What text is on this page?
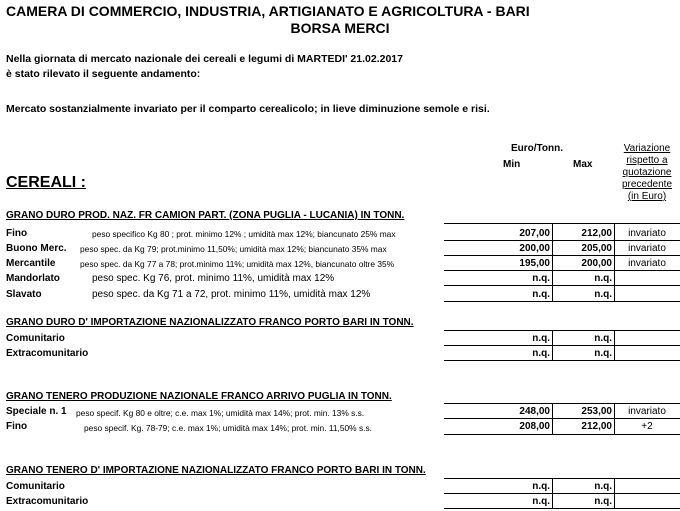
CAMERA DI COMMERCIO, INDUSTRIA, ARTIGIANATO E AGRICOLTURA - BARI
BORSA MERCI
Nella giornata di mercato nazionale dei cereali e legumi di MARTEDI' 21.02.2017
è stato rilevato il seguente andamento:
Mercato sostanzialmente invariato per il comparto cerealicolo; in lieve diminuzione semole e risi.
Euro/Tonn.
Min	Max
Variazione
rispetto a
quotazione
precedente
(in Euro)
CEREALI :
GRANO DURO PROD. NAZ. FR CAMION PART. (ZONA PUGLIA - LUCANIA) IN TONN.
Fino	peso specifico Kg 80 ; prot. minimo 12% ; umidità max 12%; biancunato 25% max	207,00	212,00	invariato
Buono Merc. peso spec. da Kg 79; prot.minimo 11,50%; umidità max 12%; biancunato 35% max	200,00	205,00	invariato
Mercantile	peso spec. da Kg 77 a 78; prot.minimo 11%; umidità max 12%, biancunato oltre 35%	195,00	200,00	invariato
Mandorlato	peso spec. Kg 76, prot. minimo 11%, umidità max 12%	n.q.	n.q.
Slavato	peso spec. da Kg 71 a 72, prot. minimo 11%, umidità max 12%	n.q.	n.q.
GRANO DURO D' IMPORTAZIONE NAZIONALIZZATO FRANCO PORTO BARI IN TONN.
Comunitario	n.q.	n.q.
Extracomunitario	n.q.	n.q.
GRANO TENERO PRODUZIONE NAZIONALE FRANCO ARRIVO PUGLIA IN TONN.
Speciale n. 1 peso specif. Kg 80 e oltre; c.e. max 1%; umidità max 14%; prot. min. 13% s.s.	248,00	253,00	invariato
Fino	peso specif. Kg. 78-79; c.e. max 1%; umidità max 14%; prot. min. 11,50% s.s.	208,00	212,00	+2
GRANO TENERO D' IMPORTAZIONE NAZIONALIZZATO FRANCO PORTO BARI IN TONN.
Comunitario	n.q.	n.q.
Extracomunitario	n.q.	n.q.
